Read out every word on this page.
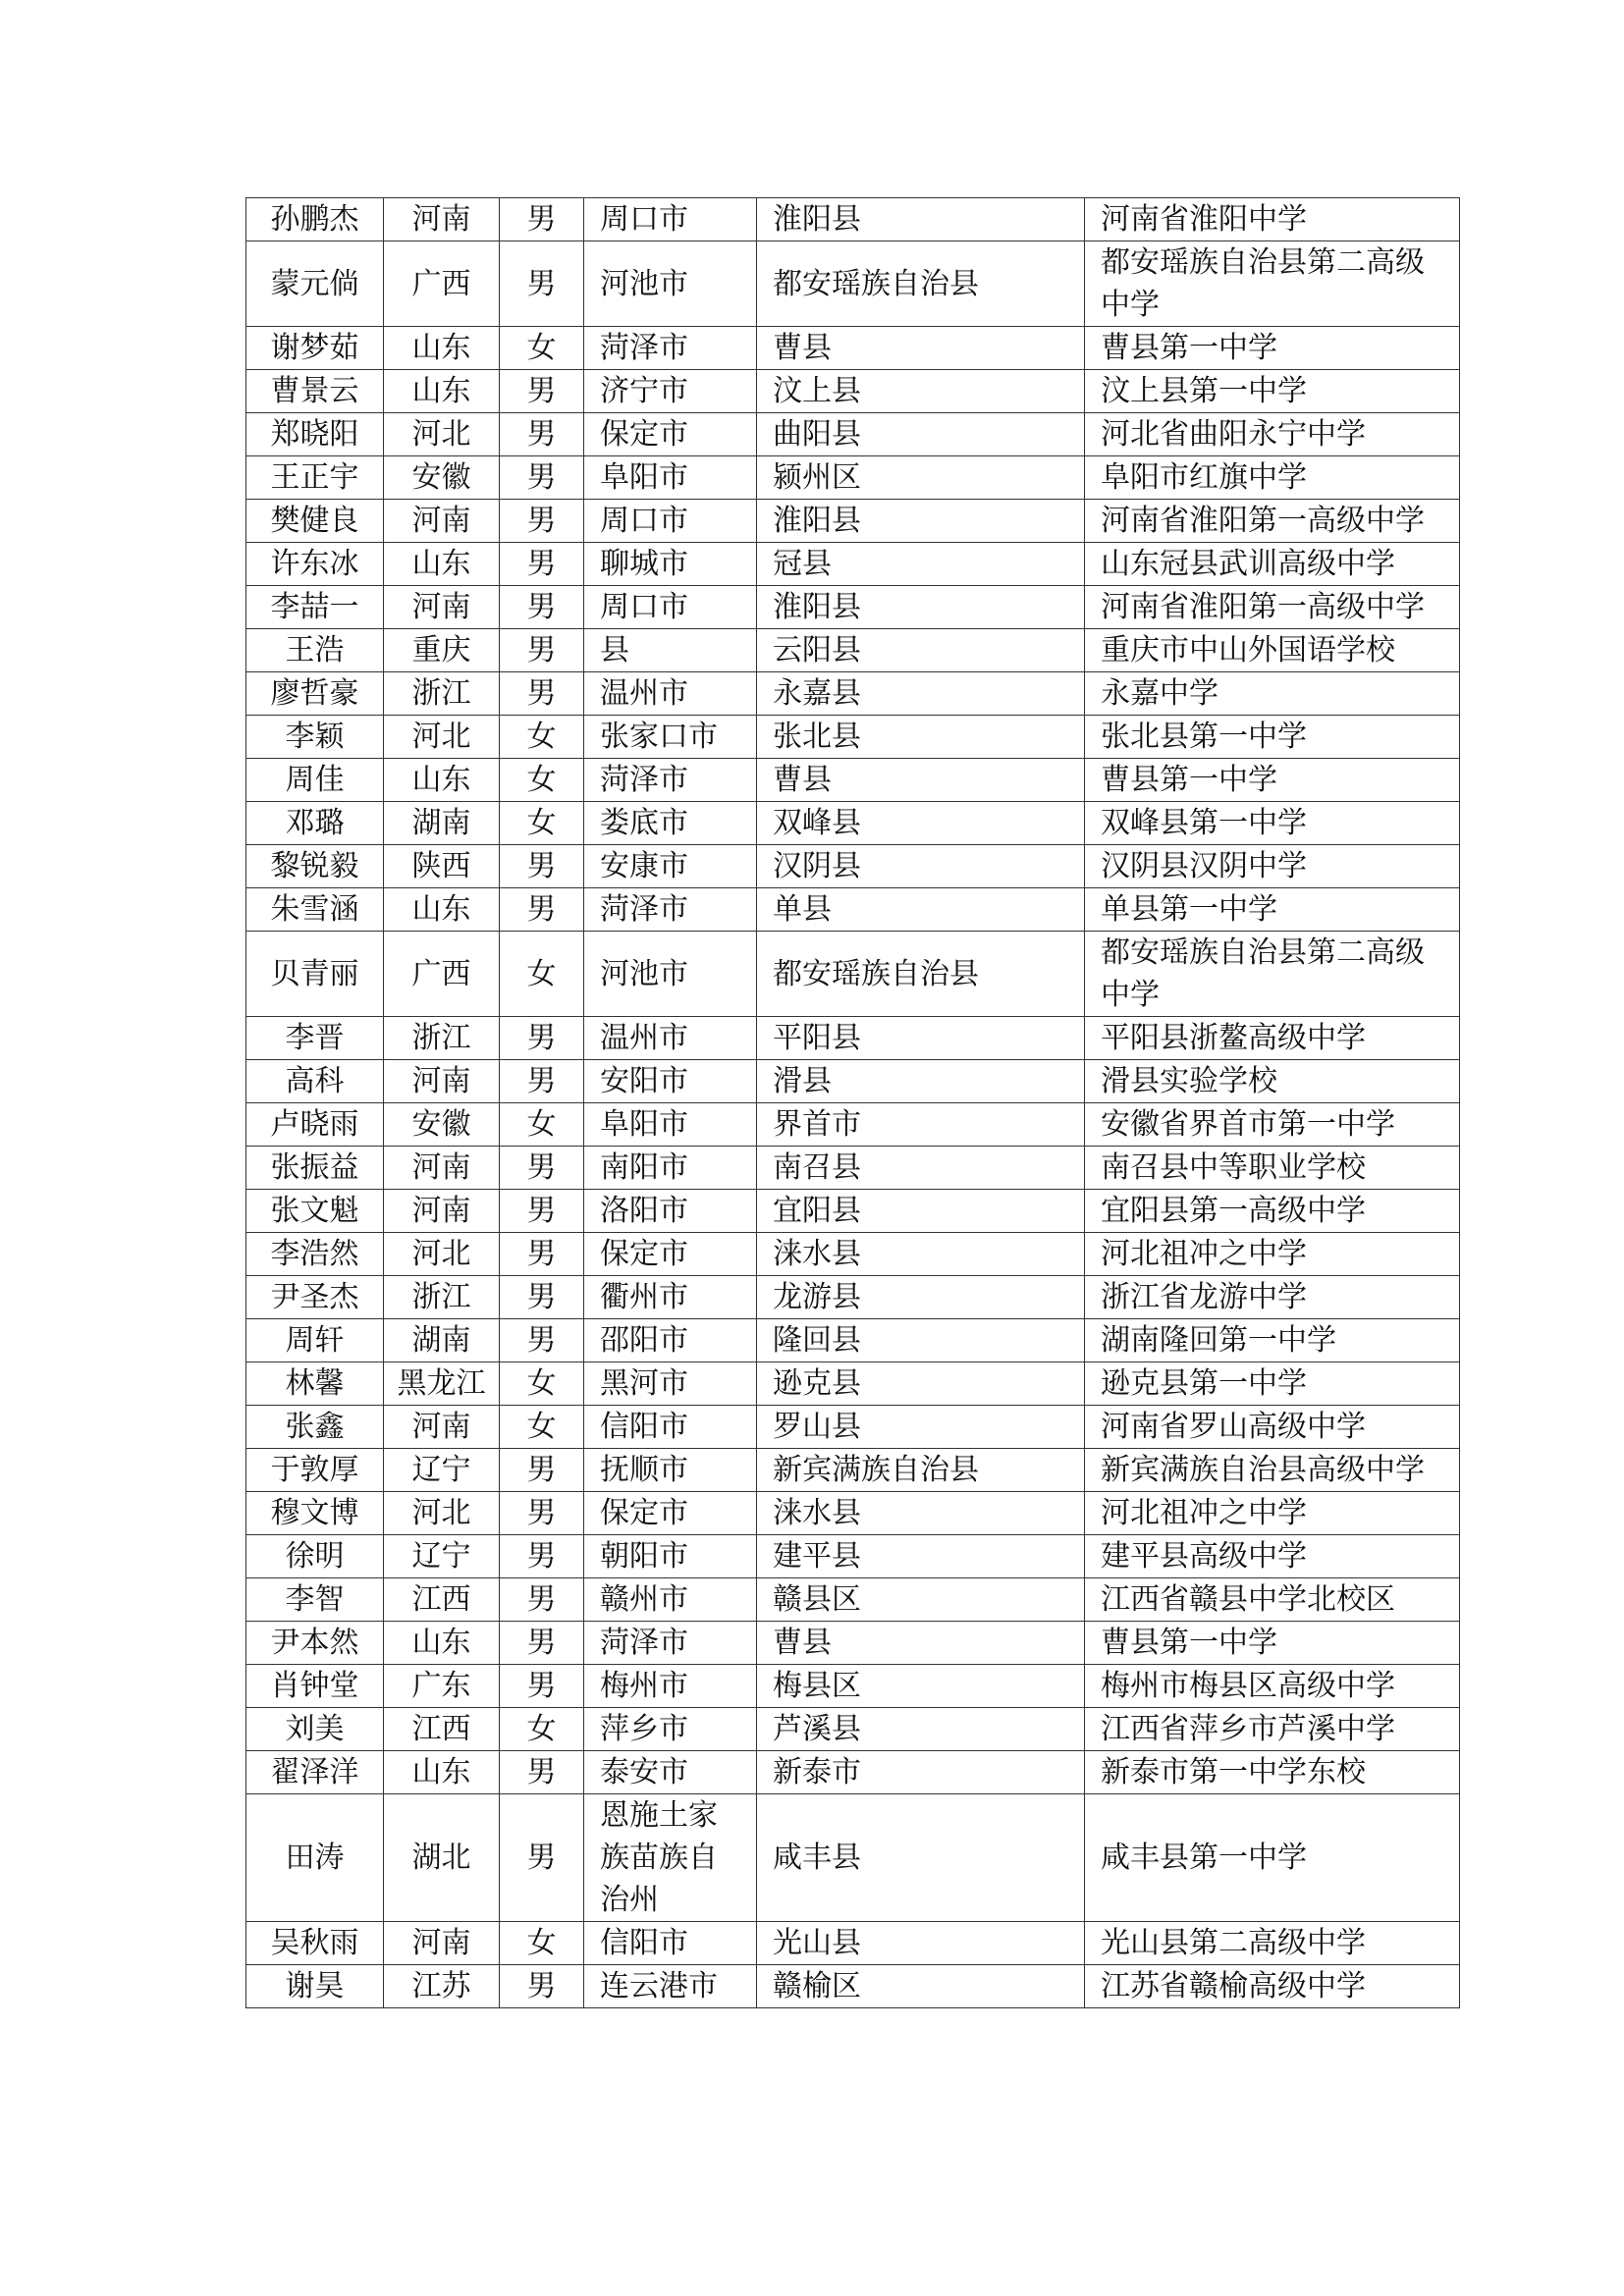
孙鹏杰	河南	男	周口市	淮阳县	河南省淮阳中学
蒙元倘	广西	男	河池市	都安瑶族自治县	都安瑶族自治县第二高级中学
谢梦茹	山东	女	菏泽市	曹县	曹县第一中学
曹景云	山东	男	济宁市	汶上县	汶上县第一中学
郑晓阳	河北	男	保定市	曲阳县	河北省曲阳永宁中学
王正宇	安徽	男	阜阳市	颍州区	阜阳市红旗中学
樊健良	河南	男	周口市	淮阳县	河南省淮阳第一高级中学
许东冰	山东	男	聊城市	冠县	山东冠县武训高级中学
李喆一	河南	男	周口市	淮阳县	河南省淮阳第一高级中学
王浩	重庆	男	县	云阳县	重庆市中山外国语学校
廖哲豪	浙江	男	温州市	永嘉县	永嘉中学
李颖	河北	女	张家口市	张北县	张北县第一中学
周佳	山东	女	菏泽市	曹县	曹县第一中学
邓璐	湖南	女	娄底市	双峰县	双峰县第一中学
黎锐毅	陕西	男	安康市	汉阴县	汉阴县汉阴中学
朱雪涵	山东	男	菏泽市	单县	单县第一中学
贝青丽	广西	女	河池市	都安瑶族自治县	都安瑶族自治县第二高级中学
李晋	浙江	男	温州市	平阳县	平阳县浙鳌高级中学
高科	河南	男	安阳市	滑县	滑县实验学校
卢晓雨	安徽	女	阜阳市	界首市	安徽省界首市第一中学
张振益	河南	男	南阳市	南召县	南召县中等职业学校
张文魁	河南	男	洛阳市	宜阳县	宜阳县第一高级中学
李浩然	河北	男	保定市	涞水县	河北祖冲之中学
尹圣杰	浙江	男	衢州市	龙游县	浙江省龙游中学
周轩	湖南	男	邵阳市	隆回县	湖南隆回第一中学
林馨	黑龙江	女	黑河市	逊克县	逊克县第一中学
张鑫	河南	女	信阳市	罗山县	河南省罗山高级中学
于敦厚	辽宁	男	抚顺市	新宾满族自治县	新宾满族自治县高级中学
穆文博	河北	男	保定市	涞水县	河北祖冲之中学
徐明	辽宁	男	朝阳市	建平县	建平县高级中学
李智	江西	男	赣州市	赣县区	江西省赣县中学北校区
尹本然	山东	男	菏泽市	曹县	曹县第一中学
肖钟堂	广东	男	梅州市	梅县区	梅州市梅县区高级中学
刘美	江西	女	萍乡市	芦溪县	江西省萍乡市芦溪中学
翟泽洋	山东	男	泰安市	新泰市	新泰市第一中学东校
田涛	湖北	男	恩施土家族苗族自治州	咸丰县	咸丰县第一中学
吴秋雨	河南	女	信阳市	光山县	光山县第二高级中学
谢昊	江苏	男	连云港市	赣榆区	江苏省赣榆高级中学
